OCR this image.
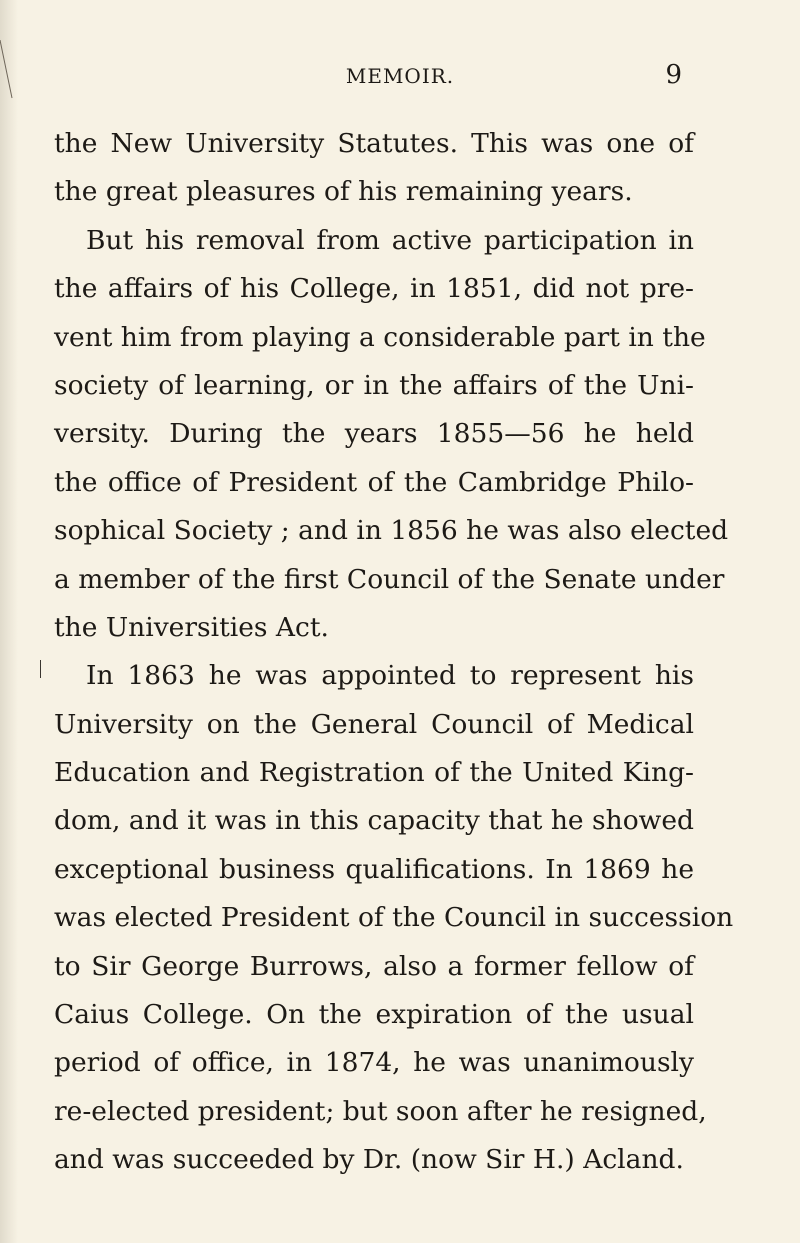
MEMOIR.	9
the New University Statutes. This was one of
the great pleasures of his remaining years.
But his removal from active participation in
the affairs of his College, in 1851, did not pre-
vent him from playing a considerable part in the
society of learning, or in the affairs of the Uni-
versity. During the years 1855—56 he held
the office of President of the Cambridge Philo-
sophical Society ; and in 1856 he was also elected
a member of the first Council of the Senate under
the Universities Act.
In 1863 he was appointed to represent his
University on the General Council of Medical
Education and Registration of the United King-
dom, and it was in this capacity that he showed
exceptional business qualifications. In 1869 he
was elected President of the Council in succession
to Sir George Burrows, also a former fellow of
Caius College. On the expiration of the usual
period of office, in 1874, he was unanimously
re-elected president; but soon after he resigned,
and was succeeded by Dr. (now Sir H.) Acland.
